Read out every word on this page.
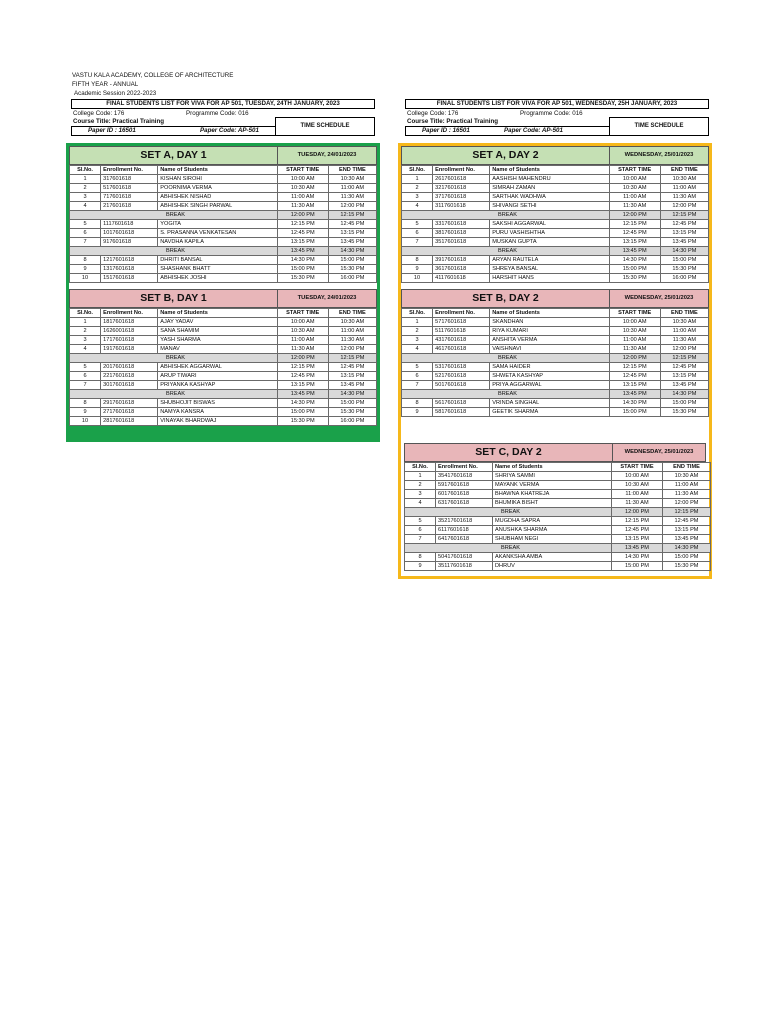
VASTU KALA ACADEMY, COLLEGE OF ARCHITECTURE
FIFTH YEAR - ANNUAL
Academic Session 2022-2023
FINAL STUDENTS LIST FOR VIVA FOR AP 501, TUESDAY, 24TH JANUARY, 2023
College Code: 176	Programme Code: 016
Course Title: Practical Training
Paper ID : 16501	Paper Code: AP-501
TIME SCHEDULE
SET A, DAY 1	TUESDAY, 24/01/2023
Sl.No.	Enrollment No.	Name of Students	START TIME	END TIME
1	317601618	KISHAN SIROHI	10:00 AM	10:30 AM
2	517601618	POORNIMA VERMA	10:30 AM	11:00 AM
3	717601618	ABHISHEK NISHAD	11:00 AM	11:30 AM
4	217601618	ABHISHEK SINGH PARWAL	11:30 AM	12:00 PM
BREAK			12:00 PM	12:15 PM
5	1117601618	YOGITA	12:15 PM	12:45 PM
6	1017601618	S. PRASANNA VENKATESAN	12:45 PM	13:15 PM
7	917601618	NAVDHA KAPILA	13:15 PM	13:45 PM
BREAK			13:45 PM	14:30 PM
8	1217601618	DHRITI BANSAL	14:30 PM	15:00 PM
9	1317601618	SHASHANK BHATT	15:00 PM	15:30 PM
10	1517601618	ABHISHEK JOSHI	15:30 PM	16:00 PM
SET B, DAY 1	TUESDAY, 24/01/2023
Sl.No.	Enrollment No.	Name of Students	START TIME	END TIME
1	1817601618	AJAY YADAV	10:00 AM	10:30 AM
2	1626001618	SANA SHAMIM	10:30 AM	11:00 AM
3	1717601618	YASH SHARMA	11:00 AM	11:30 AM
4	1917601618	MANAV	11:30 AM	12:00 PM
BREAK			12:00 PM	12:15 PM
5	2017601618	ABHISHEK AGGARWAL	12:15 PM	12:45 PM
6	2217601618	ARUP TIWARI	12:45 PM	13:15 PM
7	3017601618	PRIYANKA KASHYAP	13:15 PM	13:45 PM
BREAK			13:45 PM	14:30 PM
8	2917601618	SHUBHOJIT BISWAS	14:30 PM	15:00 PM
9	2717601618	NAMYA KANSRA	15:00 PM	15:30 PM
10	2817601618	VINAYAK BHARDWAJ	15:30 PM	16:00 PM
FINAL STUDENTS LIST FOR VIVA FOR AP 501, WEDNESDAY, 25H JANUARY, 2023
College Code: 176	Programme Code: 016
Course Title: Practical Training
Paper ID : 16501	Paper Code: AP-501
TIME SCHEDULE
SET A, DAY 2	WEDNESDAY, 25/01/2023
Sl.No.	Enrollment No.	Name of Students	START TIME	END TIME
1	2617601618	AASHISH MAHENDRU	10:00 AM	10:30 AM
2	3217601618	SIMRAH ZAMAN	10:30 AM	11:00 AM
3	3717601618	SARTHAK WADHWA	11:00 AM	11:30 AM
4	3117601618	SHIVANGI SETHI	11:30 AM	12:00 PM
BREAK			12:00 PM	12:15 PM
5	3317601618	SAKSHI AGGARWAL	12:15 PM	12:45 PM
6	3817601618	PURU VASHISHTHA	12:45 PM	13:15 PM
7	3517601618	MUSKAN GUPTA	13:15 PM	13:45 PM
BREAK			13:45 PM	14:30 PM
8	3917601618	ARYAN RAUTELA	14:30 PM	15:00 PM
9	3617601618	SHREYA BANSAL	15:00 PM	15:30 PM
10	4117601618	HARSHIT HANS	15:30 PM	16:00 PM
SET B, DAY 2	WEDNESDAY, 25/01/2023
Sl.No.	Enrollment No.	Name of Students	START TIME	END TIME
1	5717601618	SKANDHAN	10:00 AM	10:30 AM
2	5117601618	RIYA KUMARI	10:30 AM	11:00 AM
3	4317601618	ANSHITA VERMA	11:00 AM	11:30 AM
4	4617601618	VAISHNAVI	11:30 AM	12:00 PM
BREAK			12:00 PM	12:15 PM
5	5317601618	SAMA HAIDER	12:15 PM	12:45 PM
6	5217601618	SHWETA KASHYAP	12:45 PM	13:15 PM
7	5017601618	PRIYA AGGARWAL	13:15 PM	13:45 PM
BREAK			13:45 PM	14:30 PM
8	5617601618	VRINDA SINGHAL	14:30 PM	15:00 PM
9	5817601618	GEETIK SHARMA	15:00 PM	15:30 PM
SET C, DAY 2	WEDNESDAY, 25/01/2023
Sl.No.	Enrollment No.	Name of Students	START TIME	END TIME
1	35417601618	SHRIYA SAMMI	10:00 AM	10:30 AM
2	5917601618	MAYANK VERMA	10:30 AM	11:00 AM
3	6017601618	BHAWNA KHATREJA	11:00 AM	11:30 AM
4	6317601618	BHUMIKA BISHT	11:30 AM	12:00 PM
BREAK			12:00 PM	12:15 PM
5	35217601618	MUGDHA SAPRA	12:15 PM	12:45 PM
6	6117601618	ANUSHKA SHARMA	12:45 PM	13:15 PM
7	6417601618	SHUBHAM NEGI	13:15 PM	13:45 PM
BREAK			13:45 PM	14:30 PM
8	50417601618	AKANKSHA AMBA	14:30 PM	15:00 PM
9	35117601618	DHRUV	15:00 PM	15:30 PM
